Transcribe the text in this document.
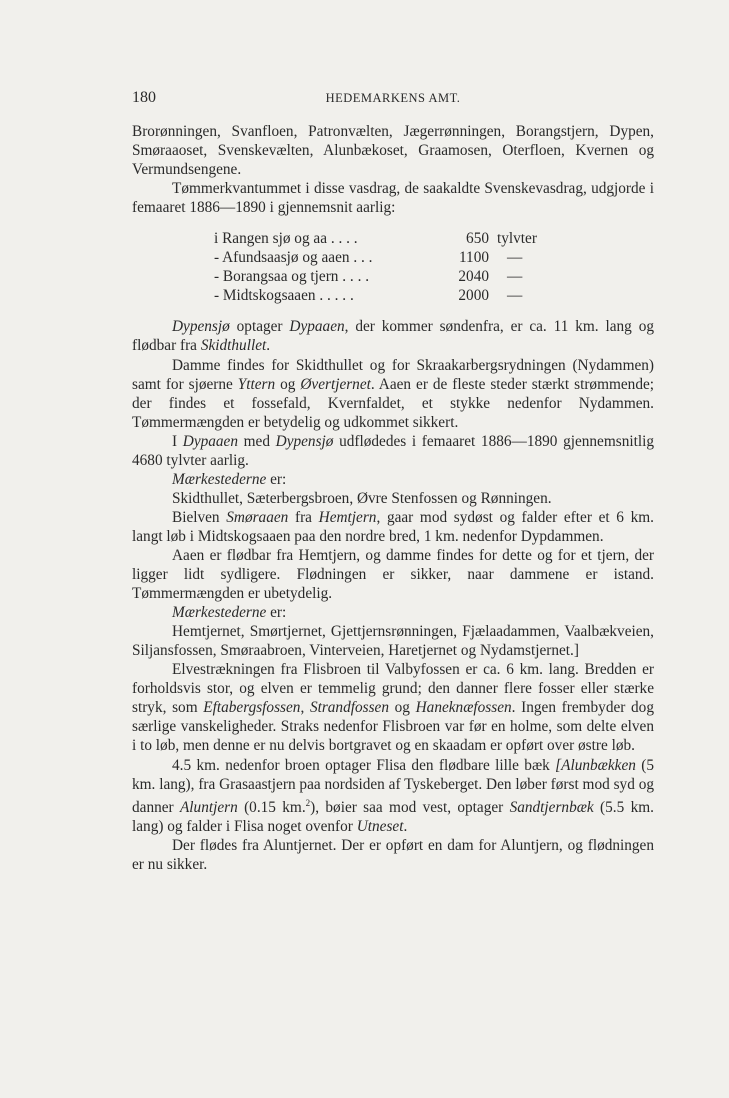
180	HEDEMARKENS AMT.

Brorønningen, Svanfloen, Patronvælten, Jægerrønningen, Borangstjern, Dypen, Smøraaoset, Svenskevælten, Alunbækoset, Graamosen, Oterfloen, Kvernen og Vermundsengene.

Tømmerkvantummet i disse vasdrag, de saakaldte Svenskevasdrag, udgjorde i femaaret 1886—1890 i gjennemsnit aarlig:

i Rangen sjø og aa . . . .	650	tylvter
- Afundsaasjø og aaen . . .	1100	—
- Borangsaa og tjern . . . .	2040	—
- Midtskogsaaen . . . . .	2000	—

Dypensjø optager Dypaaen, der kommer søndenfra, er ca. 11 km. lang og flødbar fra Skidthullet.

Damme findes for Skidthullet og for Skraakarbergsrydningen (Nydammen) samt for sjøerne Yttern og Øvertjernet. Aaen er de fleste steder stærkt strømmende; der findes et fossefald, Kvernfaldet, et stykke nedenfor Nydammen. Tømmermængden er betydelig og udkommet sikkert.

I Dypaaen med Dypensjø udflødedes i femaaret 1886—1890 gjennemsnitlig 4680 tylvter aarlig.

Mærkestederne er:

Skidthullet, Sæterbergsbroen, Øvre Stenfossen og Rønningen.

Bielven Smøraaen fra Hemtjern, gaar mod sydøst og falder efter et 6 km. langt løb i Midtskogsaaen paa den nordre bred, 1 km. nedenfor Dypdammen.

Aaen er flødbar fra Hemtjern, og damme findes for dette og for et tjern, der ligger lidt sydligere. Flødningen er sikker, naar dammene er istand. Tømmermængden er ubetydelig.

Mærkestederne er:

Hemtjernet, Smørtjernet, Gjettjernsrønningen, Fjælaadammen, Vaalbækveien, Siljansfossen, Smøraabroen, Vinterveien, Haretjernet og Nydamstjernet.]

Elvestrækningen fra Flisbroen til Valbyfossen er ca. 6 km. lang. Bredden er forholdsvis stor, og elven er temmelig grund; den danner flere fosser eller stærke stryk, som Eftabergsfossen, Strandfossen og Haneknæfossen. Ingen frembyder dog særlige vanskeligheder. Straks nedenfor Flisbroen var før en holme, som delte elven i to løb, men denne er nu delvis bortgravet og en skaadam er opført over østre løb.

4.5 km. nedenfor broen optager Flisa den flødbare lille bæk [Alunbækken (5 km. lang), fra Grasaastjern paa nordsiden af Tyskeberget. Den løber først mod syd og danner Aluntjern (0.15 km.$^2$), bøier saa mod vest, optager Sandtjernbæk (5.5 km. lang) og falder i Flisa noget ovenfor Utneset.

Der flødes fra Aluntjernet. Der er opført en dam for Aluntjern, og flødningen er nu sikker.
